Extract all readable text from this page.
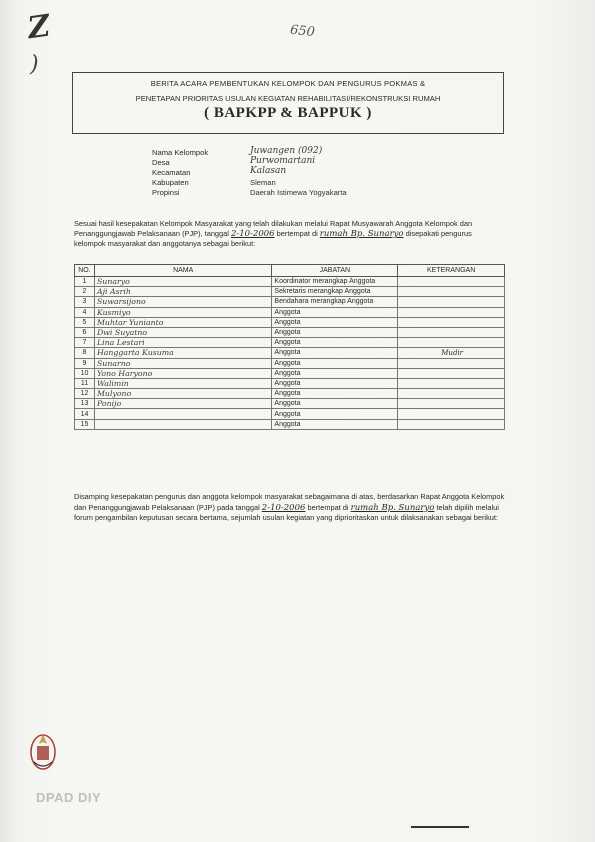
Z
)
650
BERITA ACARA PEMBENTUKAN KELOMPOK DAN PENGURUS POKMAS &
PENETAPAN PRIORITAS USULAN KEGIATAN REHABILITASI/REKONSTRUKSI RUMAH
( BAPKPP & BAPPUK )
Nama Kelompok	Juwangen (092)
Desa	Purwomartani
Kecamatan	Kalasan
Kabupaten	Sleman
Propinsi	Daerah Istimewa Yogyakarta
Sesuai hasil kesepakatan Kelompok Masyarakat yang telah dilakukan melalui Rapat Musyawarah Anggota Kelompok dan Penanggungjawab Pelaksanaan (PJP), tanggal 2-10-2006 bertempat di rumah Bp. Sunaryo disepakati pengurus kelompok masyarakat dan anggotanya sebagai berikut:
NO.	NAMA	JABATAN	KETERANGAN
1	Sunaryo	Koordinator merangkap Anggota	
2	Aji Asrih	Sekretaris merangkap Anggota	
3	Suwarsijono	Bendahara merangkap Anggota	
4	Kusmiyo	Anggota	
5	Muhtar Yunianto	Anggota	
6	Dwi Suyatno	Anggota	
7	Lina Lestari	Anggota	
8	Hanggarta Kusuma	Anggota	Mudir
9	Sunarno	Anggota	
10	Yono Haryono	Anggota	
11	Walimin	Anggota	
12	Mulyono	Anggota	
13	Ponijo	Anggota	
14		Anggota	
15		Anggota	
Disamping kesepakatan pengurus dan anggota kelompok masyarakat sebagaimana di atas, berdasarkan Rapat Anggota Kelompok dan Penanggungjawab Pelaksanaan (PJP) pada tanggal 2-10-2006 bertempat di rumah Bp. Sunaryo telah dipilih melalui forum pengambilan keputusan secara bertama, sejumlah usulan kegiatan yang diprioritaskan untuk dilaksanakan sebagai berikut:
DPAD DIY
